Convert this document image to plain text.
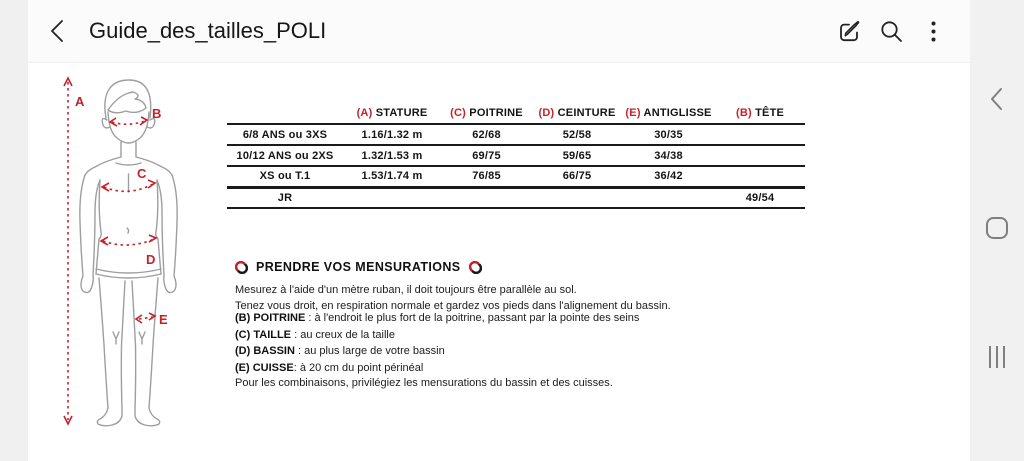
Guide_des_tailles_POLI
A
B
C
D
E
	(A) STATURE	(C) POITRINE	(D) CEINTURE	(E) ANTIGLISSE	(B) TÊTE
6/8 ANS ou 3XS	1.16/1.32 m	62/68	52/58	30/35	
10/12 ANS ou 2XS	1.32/1.53 m	69/75	59/65	34/38	
XS ou T.1	1.53/1.74 m	76/85	66/75	36/42	
JR					49/54
PRENDRE VOS MENSURATIONS
Mesurez à l'aide d'un mètre ruban, il doit toujours être parallèle au sol.
Tenez vous droit, en respiration normale et gardez vos pieds dans l'alignement du bassin.
(B) POITRINE : à l'endroit le plus fort de la poitrine, passant par la pointe des seins
(C) TAILLE : au creux de la taille
(D) BASSIN : au plus large de votre bassin
(E) CUISSE: à 20 cm du point périnéal
Pour les combinaisons, privilégiez les mensurations du bassin et des cuisses.
